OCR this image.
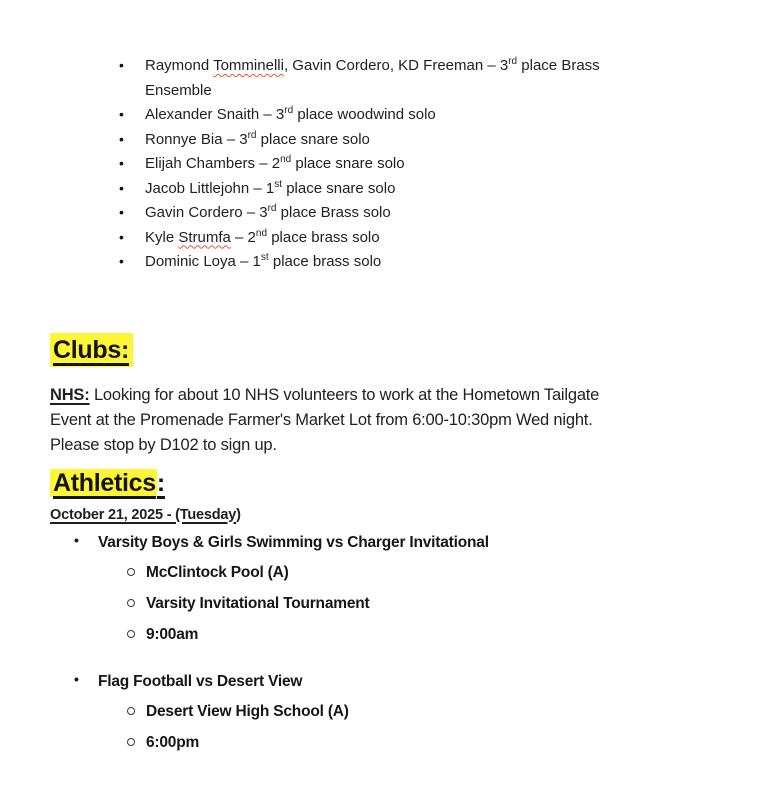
• Raymond Tomminelli, Gavin Cordero, KD Freeman – 3rd place Brass
Ensemble
• Alexander Snaith – 3rd place woodwind solo
• Ronnye Bia – 3rd place snare solo
• Elijah Chambers – 2nd place snare solo
• Jacob Littlejohn – 1st place snare solo
• Gavin Cordero – 3rd place Brass solo
• Kyle Strumfa – 2nd place brass solo
• Dominic Loya – 1st place brass solo
Clubs:

NHS: Looking for about 10 NHS volunteers to work at the Hometown Tailgate
Event at the Promenade Farmer's Market Lot from 6:00-10:30pm Wed night.
Please stop by D102 to sign up.

Athletics:
October 21, 2025 - (Tuesday)
• Varsity Boys & Girls Swimming vs Charger Invitational
McClintock Pool (A)
Varsity Invitational Tournament
9:00am
• Flag Football vs Desert View
Desert View High School (A)
6:00pm
